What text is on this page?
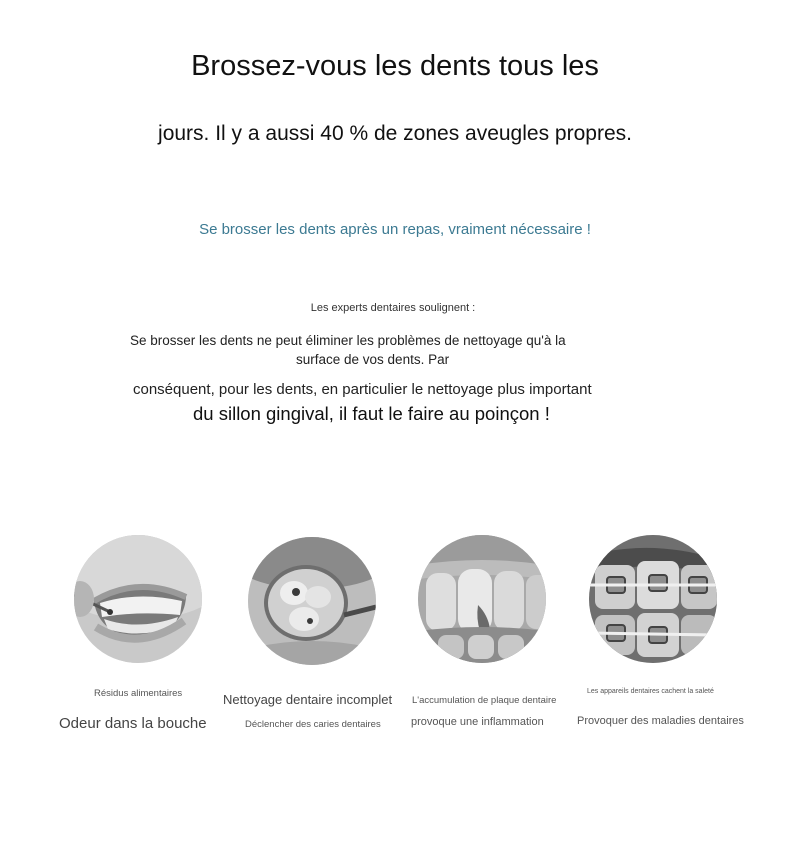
Brossez-vous les dents tous les
jours. Il y a aussi 40 % de zones aveugles propres.
Se brosser les dents après un repas, vraiment nécessaire !
Les experts dentaires soulignent :
Se brosser les dents ne peut éliminer les problèmes de nettoyage qu'à la
surface de vos dents. Par
conséquent, pour les dents, en particulier le nettoyage plus important
du sillon gingival, il faut le faire au poinçon !
Résidus alimentaires
Odeur dans la bouche
Nettoyage dentaire incomplet
Déclencher des caries dentaires
L'accumulation de plaque dentaire
provoque une inflammation
Les appareils dentaires cachent la saleté
Provoquer des maladies dentaires
